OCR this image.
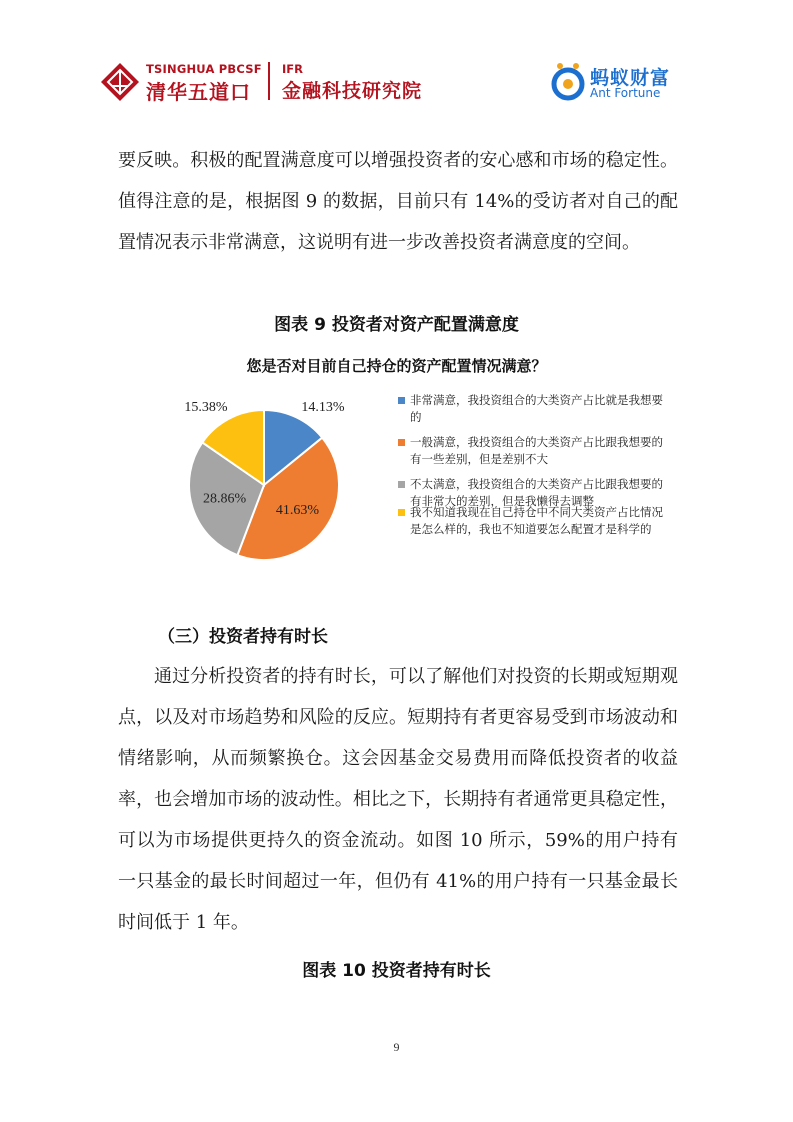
TSINGHUA PBCSF
清华五道口
IFR
金融科技研究院
蚂蚁财富
Ant Fortune
要反映。积极的配置满意度可以增强投资者的安心感和市场的稳定性。值得注意的是，根据图 9 的数据，目前只有 14%的受访者对自己的配置情况表示非常满意，这说明有进一步改善投资者满意度的空间。
图表 9 投资者对资产配置满意度
您是否对目前自己持仓的资产配置情况满意？
14.13%
41.63%
28.86%
15.38%	非常满意，我投资组合的大类资产占比就是我想要的
一般满意，我投资组合的大类资产占比跟我想要的有一些差别，但是差别不大
不太满意，我投资组合的大类资产占比跟我想要的有非常大的差别，但是我懒得去调整
我不知道我现在自己持仓中不同大类资产占比情况是怎么样的，我也不知道要怎么配置才是科学的
（三）投资者持有时长
通过分析投资者的持有时长，可以了解他们对投资的长期或短期观点，以及对市场趋势和风险的反应。短期持有者更容易受到市场波动和情绪影响，从而频繁换仓。这会因基金交易费用而降低投资者的收益率，也会增加市场的波动性。相比之下，长期持有者通常更具稳定性，可以为市场提供更持久的资金流动。如图 10 所示，59%的用户持有一只基金的最长时间超过一年，但仍有 41%的用户持有一只基金最长时间低于 1 年。
图表 10 投资者持有时长
9
